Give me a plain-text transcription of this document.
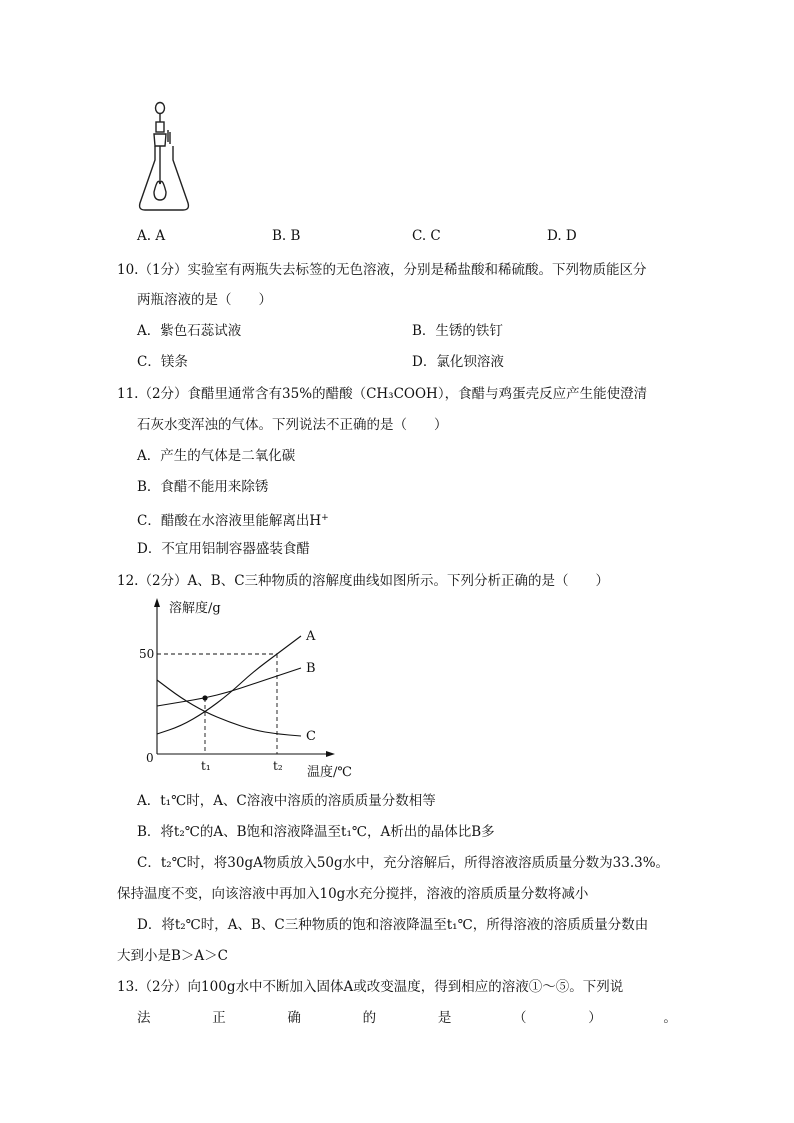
A. A	B. B	C. C	D. D
10.（1分）实验室有两瓶失去标签的无色溶液，分别是稀盐酸和稀硫酸。下列物质能区分
两瓶溶液的是（　　）
A．紫色石蕊试液	B．生锈的铁钉
C．镁条	D．氯化钡溶液
11.（2分）食醋里通常含有35%的醋酸（CH₃COOH），食醋与鸡蛋壳反应产生能使澄清
石灰水变浑浊的气体。下列说法不正确的是（　　）
A．产生的气体是二氧化碳
B．食醋不能用来除锈
C．醋酸在水溶液里能解离出H+
D．不宜用铝制容器盛装食醋
12.（2分）A、B、C三种物质的溶解度曲线如图所示。下列分析正确的是（　　）
溶解度/g
温度/℃
0
50
t₁	t₂
A
B
C
A．t₁℃时，A、C溶液中溶质的溶质质量分数相等
B．将t₂℃的A、B饱和溶液降温至t₁℃，A析出的晶体比B多
C．t₂℃时，将30gA物质放入50g水中，充分溶解后，所得溶液溶质质量分数为33.3%。
保持温度不变，向该溶液中再加入10g水充分搅拌，溶液的溶质质量分数将减小
D．将t₂℃时，A、B、C三种物质的饱和溶液降温至t₁℃，所得溶液的溶质质量分数由
大到小是B＞A＞C
13.（2分）向100g水中不断加入固体A或改变温度，得到相应的溶液①～⑤。下列说
法	正	确	的	是	（	）	。
